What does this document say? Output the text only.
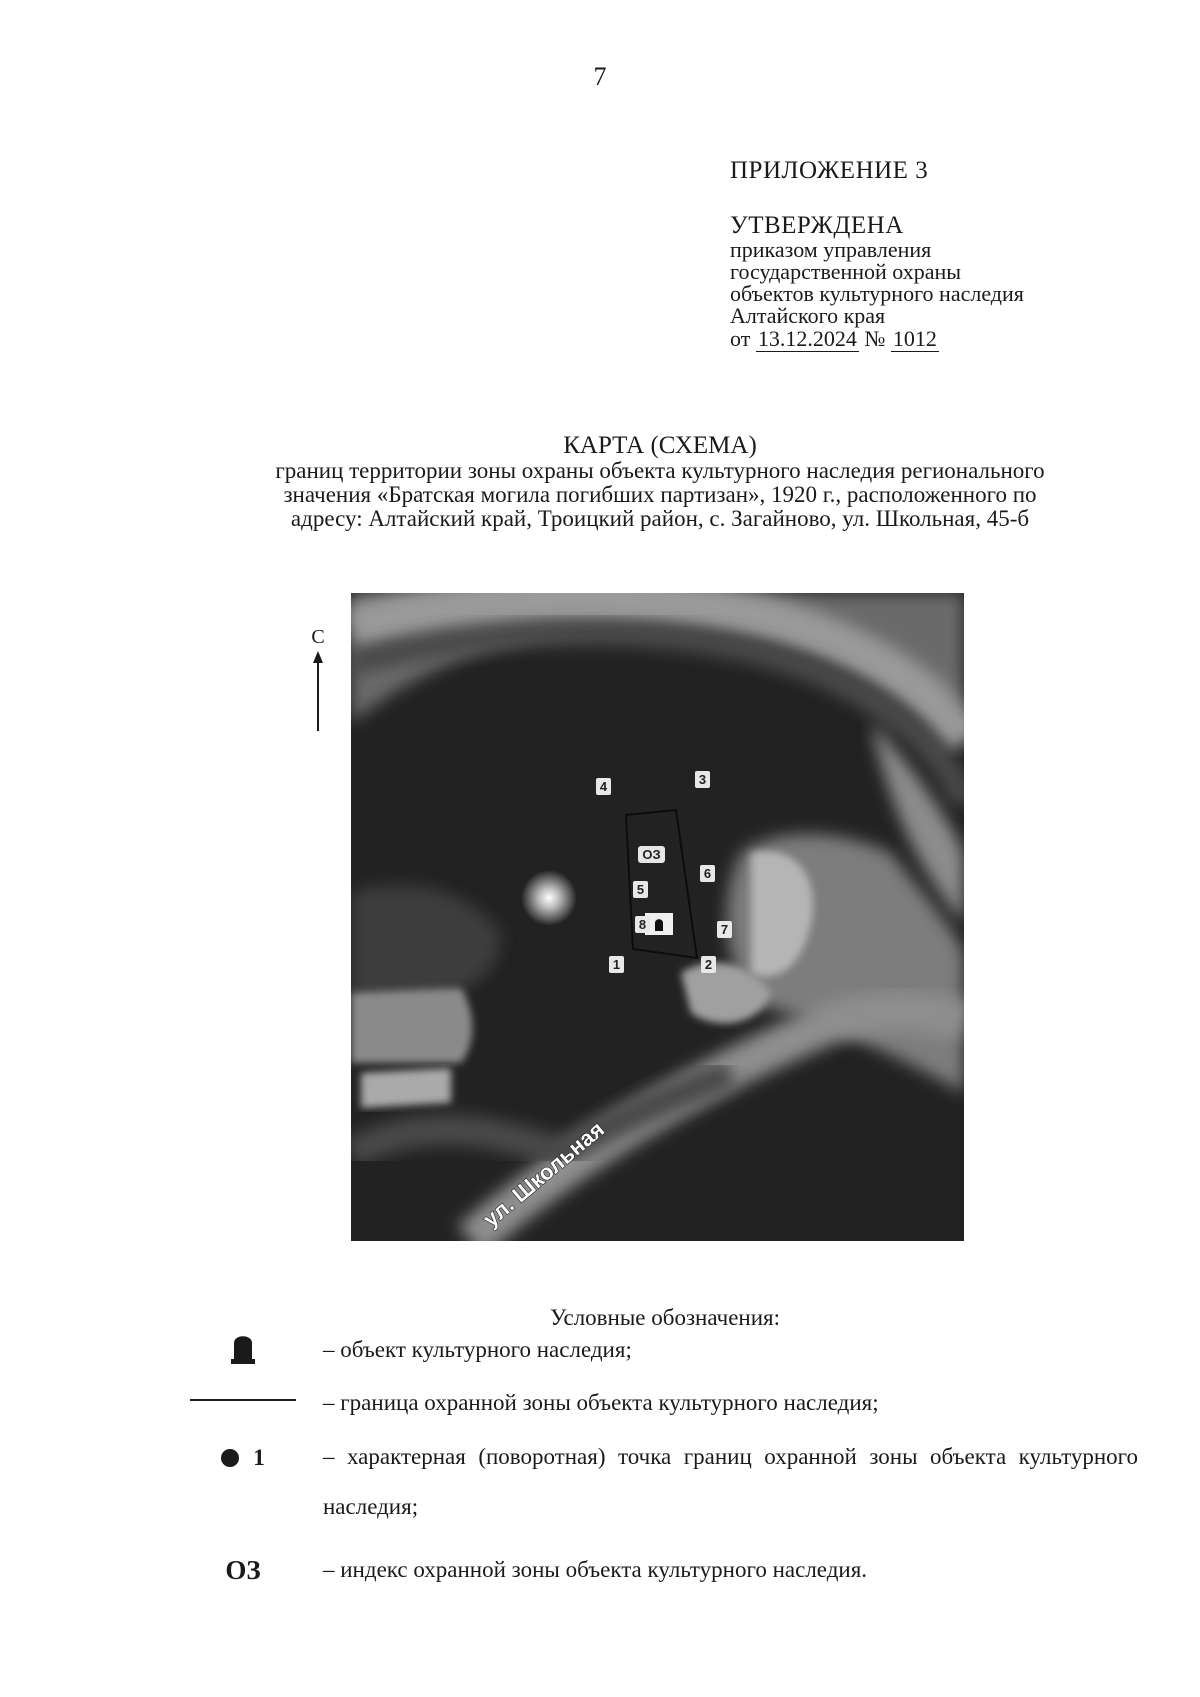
7
ПРИЛОЖЕНИЕ 3
УТВЕРЖДЕНА
приказом управления
государственной охраны
объектов культурного наследия
Алтайского края
от 13.12.2024 № 1012
КАРТА (СХЕМА)
границ территории зоны охраны объекта культурного наследия регионального
значения «Братская могила погибших партизан», 1920 г., расположенного по
адресу: Алтайский край, Троицкий район, с. Загайново, ул. Школьная, 45-б
С
ОЗ
1	2
3
4
5
6
7
8
ул. Школьная
Условные обозначения:
– объект культурного наследия;
– граница охранной зоны объекта культурного наследия;
1	– характерная (поворотная) точка границ охранной зоны объекта культурного наследия;
ОЗ	– индекс охранной зоны объекта культурного наследия.
